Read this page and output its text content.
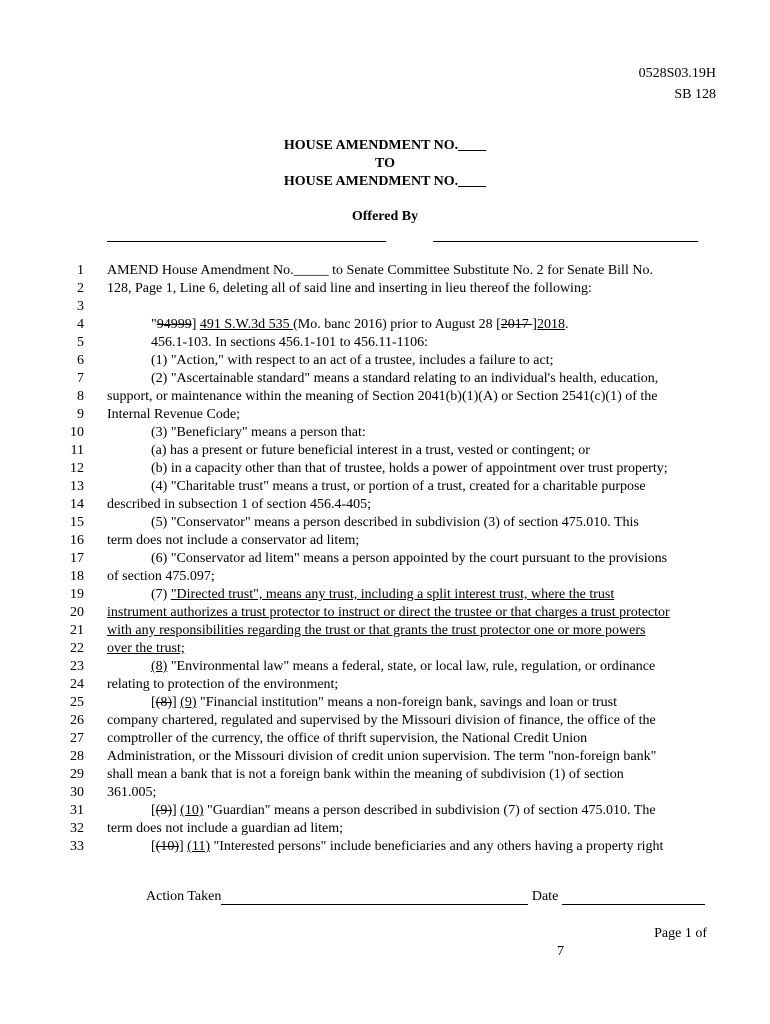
0528S03.19H
SB 128
HOUSE AMENDMENT NO.____
TO
HOUSE AMENDMENT NO.____
Offered By
1 AMEND House Amendment No._____ to Senate Committee Substitute No. 2 for Senate Bill No.
2 128, Page 1, Line 6, deleting all of said line and inserting in lieu thereof the following:
3
4	"94999] 491 S.W.3d 535 (Mo. banc 2016) prior to August 28 [2017 ]2018.
5	456.1-103. In sections 456.1-101 to 456.11-1106:
6	(1) "Action," with respect to an act of a trustee, includes a failure to act;
7	(2) "Ascertainable standard" means a standard relating to an individual's health, education,
8 support, or maintenance within the meaning of Section 2041(b)(1)(A) or Section 2541(c)(1) of the
9 Internal Revenue Code;
10	(3) "Beneficiary" means a person that:
11	(a) has a present or future beneficial interest in a trust, vested or contingent; or
12	(b) in a capacity other than that of trustee, holds a power of appointment over trust property;
13	(4) "Charitable trust" means a trust, or portion of a trust, created for a charitable purpose
14 described in subsection 1 of section 456.4-405;
15	(5) "Conservator" means a person described in subdivision (3) of section 475.010. This
16 term does not include a conservator ad litem;
17	(6) "Conservator ad litem" means a person appointed by the court pursuant to the provisions
18 of section 475.097;
19	(7) "Directed trust", means any trust, including a split interest trust, where the trust
20 instrument authorizes a trust protector to instruct or direct the trustee or that charges a trust protector
21 with any responsibilities regarding the trust or that grants the trust protector one or more powers
22 over the trust;
23	(8) "Environmental law" means a federal, state, or local law, rule, regulation, or ordinance
24 relating to protection of the environment;
25	[(8)] (9) "Financial institution" means a non-foreign bank, savings and loan or trust
26 company chartered, regulated and supervised by the Missouri division of finance, the office of the
27 comptroller of the currency, the office of thrift supervision, the National Credit Union
28 Administration, or the Missouri division of credit union supervision. The term "non-foreign bank"
29 shall mean a bank that is not a foreign bank within the meaning of subdivision (1) of section
30 361.005;
31	[(9)] (10) "Guardian" means a person described in subdivision (7) of section 475.010. The
32 term does not include a guardian ad litem;
33	[(10)] (11) "Interested persons" include beneficiaries and any others having a property right
Action Taken	Date
Page 1 of
7
